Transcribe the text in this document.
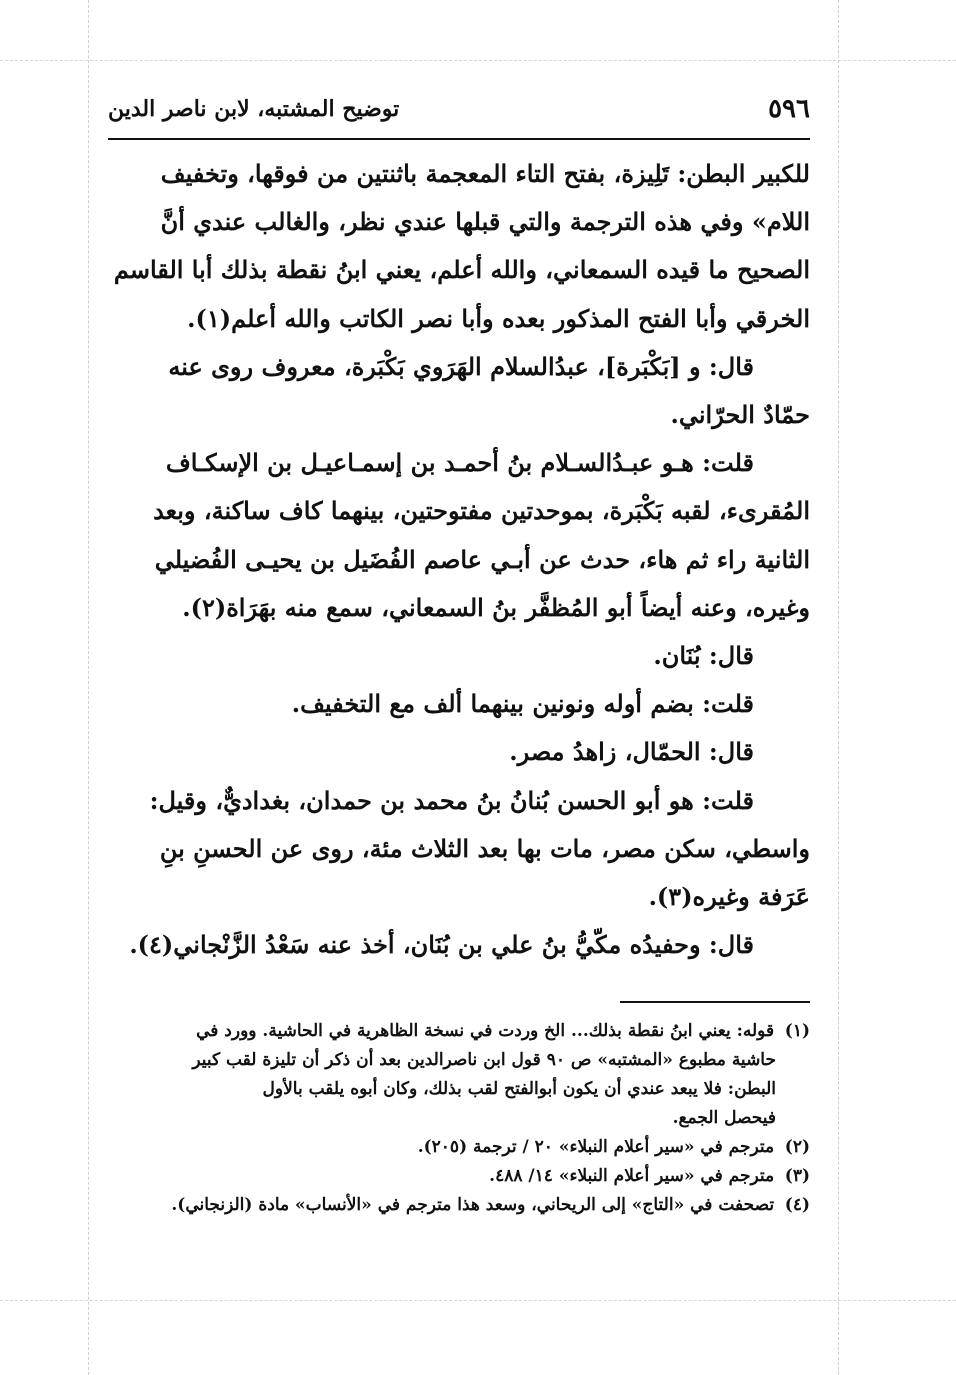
٥٩٦
توضيح المشتبه، لابن ناصر الدين

للكبير البطن: تَلِيزة، بفتح التاء المعجمة باثنتين من فوقها، وتخفيف

اللام» وفي هذه الترجمة والتي قبلها عندي نظر، والغالب عندي أنَّ

الصحيح ما قيده السمعاني، والله أعلم، يعني ابنُ نقطة بذلك أبا القاسم

الخرقي وأبا الفتح المذكور بعده وأبا نصر الكاتب والله أعلم(١).

قال: و [بَكْبَرة]، عبدُالسلام الهَرَوي بَكْبَرة، معروف روى عنه

حمّادٌ الحرّاني.

قلت: هـو عبـدُالسـلام بنُ أحمـد بن إسمـاعيـل بن الإسكـاف

المُقرىء، لقبه بَكْبَرة، بموحدتين مفتوحتين، بينهما كاف ساكنة، وبعد

الثانية راء ثم هاء، حدث عن أبـي عاصم الفُضَيل بن يحيـى الفُضيلي

وغيره، وعنه أيضاً أبو المُظفَّر بنُ السمعاني، سمع منه بهَرَاة(٢).

قال: بُنَان.

قلت: بضم أوله ونونين بينهما ألف مع التخفيف.

قال: الحمّال، زاهدُ مصر.

قلت: هو أبو الحسن بُنانُ بنُ محمد بن حمدان، بغداديٌّ، وقيل:

واسطي، سكن مصر، مات بها بعد الثلاث مئة، روى عن الحسنِ بنِ

عَرَفة وغيره(٣).

قال: وحفيدُه مكّيُّ بنُ علي بن بُنَان، أخذ عنه سَعْدُ الزَّنْجاني(٤).

(١) قوله: يعني ابنُ نقطة بذلك... الخ وردت في نسخة الظاهرية في الحاشية. وورد في

حاشية مطبوع «المشتبه» ص ٩٠ قول ابن ناصرالدين بعد أن ذكر أن تليزة لقب كبير

البطن: فلا يبعد عندي أن يكون أبوالفتح لقب بذلك، وكان أبوه يلقب بالأول

فيحصل الجمع.

(٢) مترجم في «سير أعلام النبلاء» ٢٠ / ترجمة (٢٠٥).

(٣) مترجم في «سير أعلام النبلاء» ١٤/ ٤٨٨.

(٤) تصحفت في «التاج» إلى الريحاني، وسعد هذا مترجم في «الأنساب» مادة (الزنجاني).
